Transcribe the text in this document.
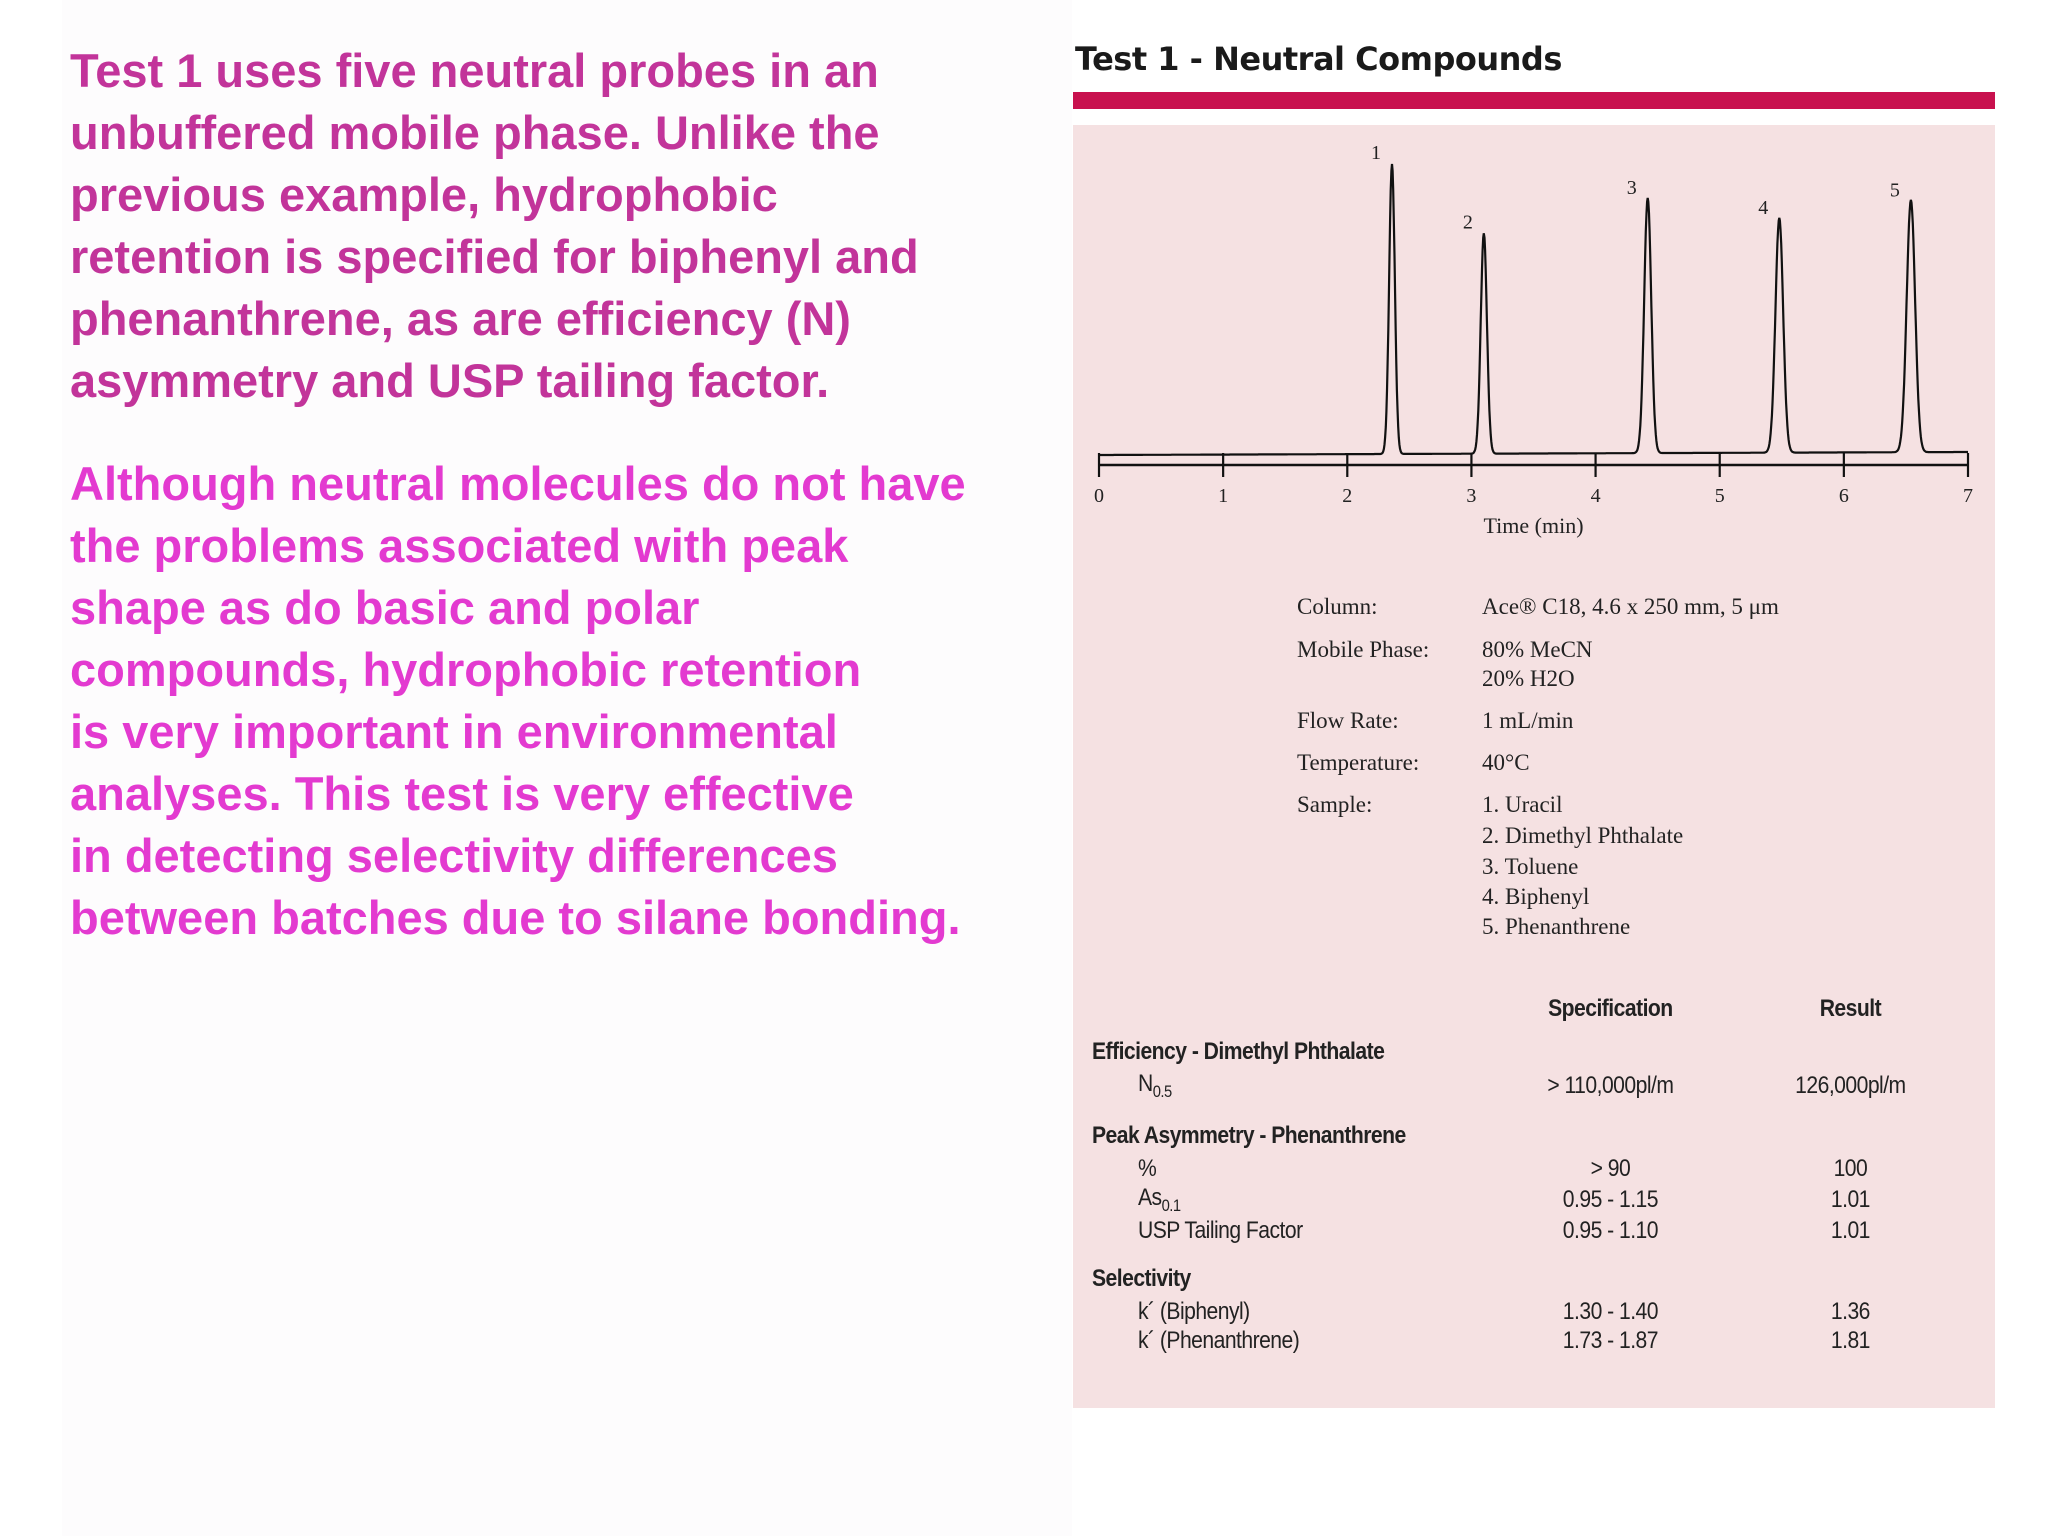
Test 1 uses five neutral probes in an
unbuffered mobile phase. Unlike the
previous example, hydrophobic
retention is specified for biphenyl and
phenanthrene, as are efficiency (N)
asymmetry and USP tailing factor.

Although neutral molecules do not have
the problems associated with peak
shape as do basic and polar
compounds, hydrophobic retention
is very important in environmental
analyses. This test is very effective
in detecting selectivity differences
between batches due to silane bonding.

Test 1 - Neutral Compounds
0	1	2	3	4	5	6	7
1
2
3
4
5
Time (min)
Column:	Ace® C18, 4.6 x 250 mm, 5 μm
Mobile Phase: 80% MeCN
20% H2O
Flow Rate:	1 mL/min
Temperature:	40°C
Sample:	1. Uracil
2. Dimethyl Phthalate
3. Toluene
4. Biphenyl
5. Phenanthrene
Specification	Result
Efficiency - Dimethyl Phthalate
$N_{0.5}$	> 110,000pl/m	126,000pl/m
Peak Asymmetry - Phenanthrene
%	> 90	100
$As_{0.1}$	0.95 - 1.15	1.01
USP Tailing Factor	0.95 - 1.10	1.01
Selectivity
k´ (Biphenyl)	1.30 - 1.40	1.36
k´ (Phenanthrene)	1.73 - 1.87	1.81
